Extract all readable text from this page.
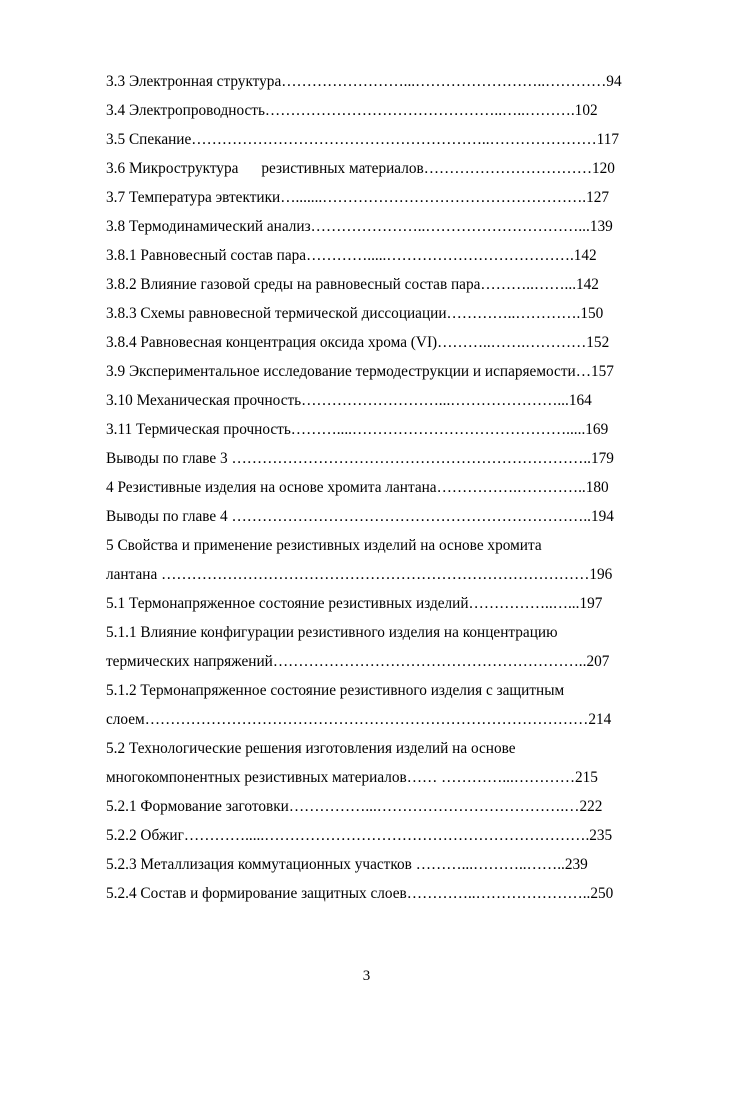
3.3 Электронная структура……………………...……………………..…………94
3.4 Электропроводность………………………………………..…..……….102
3.5 Спекание…………………………………………………..…………………117
3.6 Микроструктура      резистивных материалов……………………………120
3.7 Температура эвтектики….......…………………………………………….127
3.8 Термодинамический анализ…………………..…………………………...139
3.8.1 Равновесный состав пара………….....……………………………….142
3.8.2 Влияние газовой среды на равновесный состав пара………..……...142
3.8.3 Схемы равновесной термической диссоциации…………..………….150
3.8.4 Равновесная концентрация оксида хрома (VI)………..…….…………152
3.9 Экспериментальное исследование термодеструкции и испаряемости…157
3.10 Механическая прочность………………………...…………………...164
3.11 Термическая прочность………....…………………………………….....169
Выводы по главе 3 ……………………………………………………………..179
4 Резистивные изделия на основе хромита лантана…………….…………..180
Выводы по главе 4 ……………………………………………………………..194
5 Свойства и применение резистивных изделий на основе хромита
лантана …………………………………………………………………………196
5.1 Термонапряженное состояние резистивных изделий……………..…...197
5.1.1 Влияние конфигурации резистивного изделия на концентрацию
термических напряжений……………………………………………………..207
5.1.2 Термонапряженное состояние резистивного изделия с защитным
слоем……………………………………………………………………………214
5.2 Технологические решения изготовления изделий на основе
многокомпонентных резистивных материалов…… …………...…………215
5.2.1 Формование заготовки……………...……………………………….…222
5.2.2 Обжиг………….....……………………………………………………….235
5.2.3 Металлизация коммутационных участков ………...………..……..239
5.2.4 Состав и формирование защитных слоев…………..…………………..250
3
